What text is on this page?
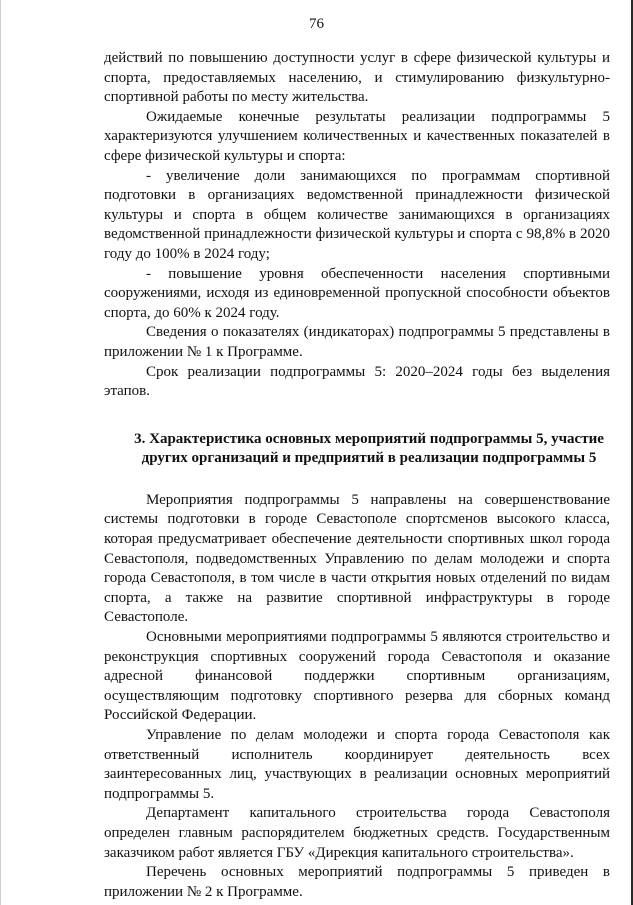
76

действий по повышению доступности услуг в сфере физической культуры и спорта, предоставляемых населению, и стимулированию физкультурно-спортивной работы по месту жительства.

Ожидаемые конечные результаты реализации подпрограммы 5 характеризуются улучшением количественных и качественных показателей в сфере физической культуры и спорта:

- увеличение доли занимающихся по программам спортивной подготовки в организациях ведомственной принадлежности физической культуры и спорта в общем количестве занимающихся в организациях ведомственной принадлежности физической культуры и спорта с 98,8% в 2020 году до 100% в 2024 году;

- повышение уровня обеспеченности населения спортивными сооружениями, исходя из единовременной пропускной способности объектов спорта, до 60% к 2024 году.

Сведения о показателях (индикаторах) подпрограммы 5 представлены в приложении № 1 к Программе.

Срок реализации подпрограммы 5: 2020–2024 годы без выделения этапов.

3. Характеристика основных мероприятий подпрограммы 5, участие других организаций и предприятий в реализации подпрограммы 5

Мероприятия подпрограммы 5 направлены на совершенствование системы подготовки в городе Севастополе спортсменов высокого класса, которая предусматривает обеспечение деятельности спортивных школ города Севастополя, подведомственных Управлению по делам молодежи и спорта города Севастополя, в том числе в части открытия новых отделений по видам спорта, а также на развитие спортивной инфраструктуры в городе Севастополе.

Основными мероприятиями подпрограммы 5 являются строительство и реконструкция спортивных сооружений города Севастополя и оказание адресной финансовой поддержки спортивным организациям, осуществляющим подготовку спортивного резерва для сборных команд Российской Федерации.

Управление по делам молодежи и спорта города Севастополя как ответственный исполнитель координирует деятельность всех заинтересованных лиц, участвующих в реализации основных мероприятий подпрограммы 5.

Департамент капитального строительства города Севастополя определен главным распорядителем бюджетных средств. Государственным заказчиком работ является ГБУ «Дирекция капитального строительства».

Перечень основных мероприятий подпрограммы 5 приведен в приложении № 2 к Программе.
